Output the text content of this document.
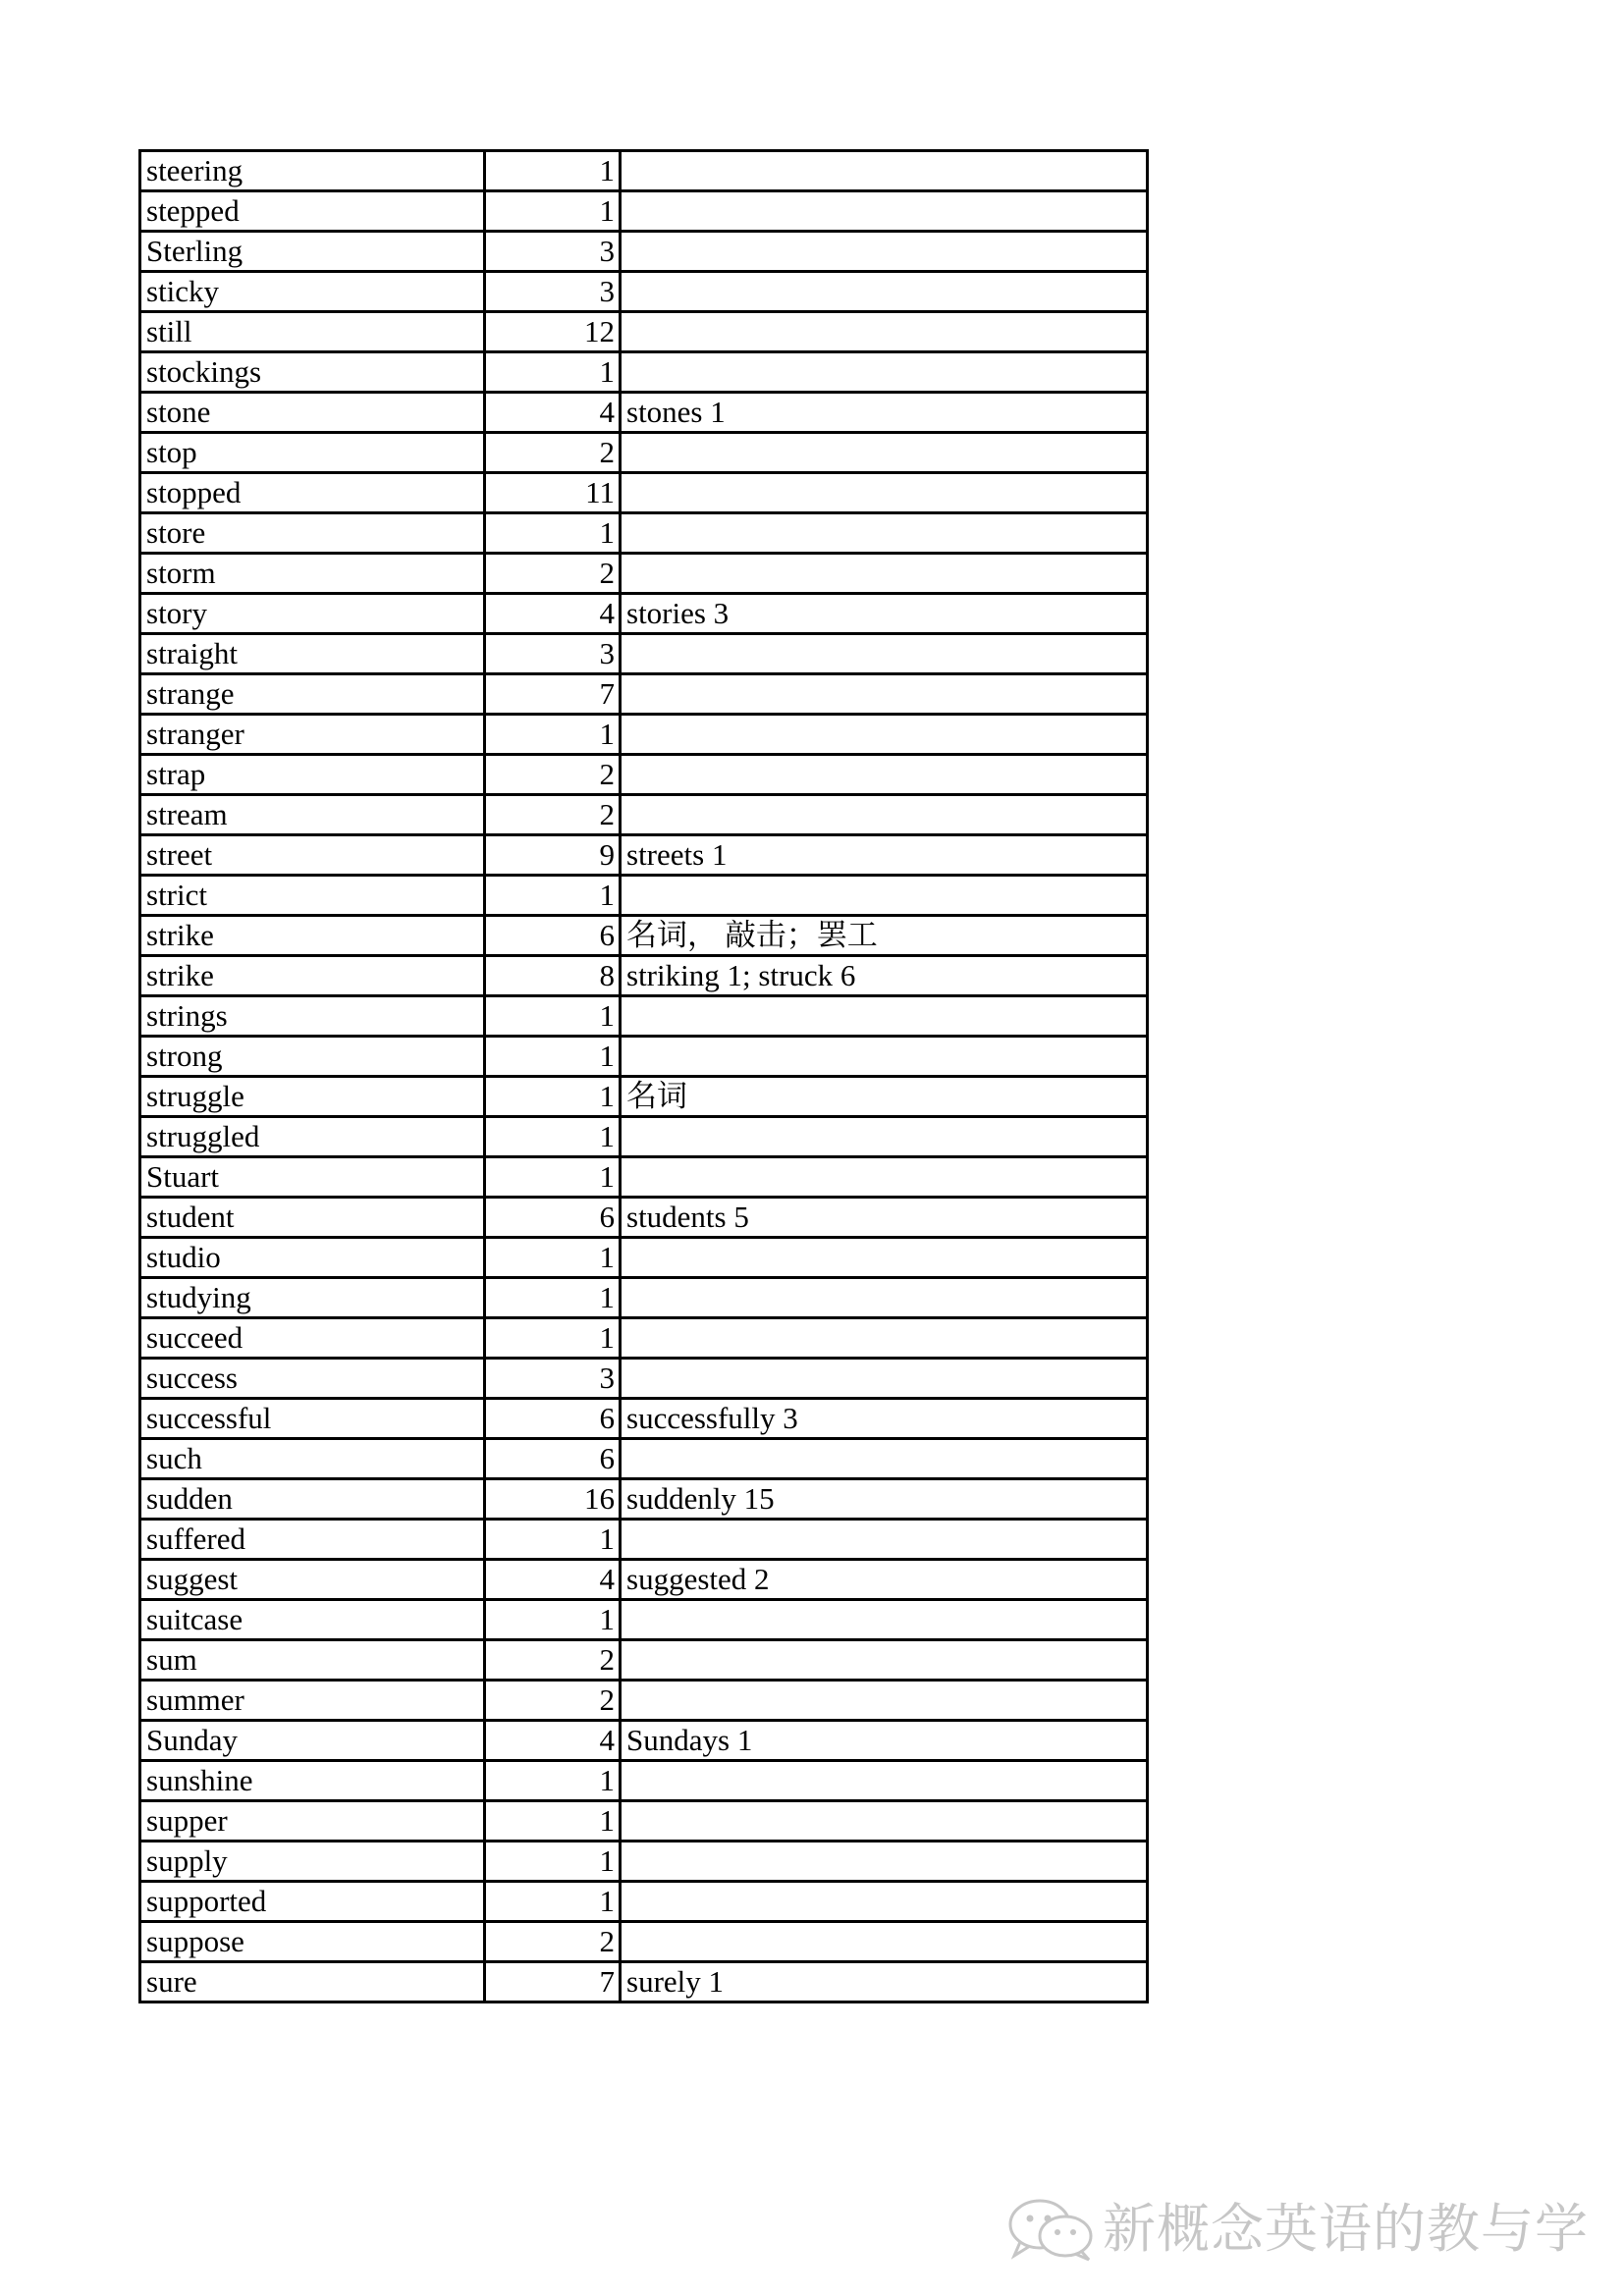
steering	1	
stepped	1	
Sterling	3	
sticky	3	
still	12	
stockings	1	
stone	4	stones 1
stop	2	
stopped	11	
store	1	
storm	2	
story	4	stories 3
straight	3	
strange	7	
stranger	1	
strap	2	
stream	2	
street	9	streets 1
strict	1	
strike	6	名词， 敲击；罢工
strike	8	striking 1; struck 6
strings	1	
strong	1	
struggle	1	名词
struggled	1	
Stuart	1	
student	6	students 5
studio	1	
studying	1	
succeed	1	
success	3	
successful	6	successfully 3
such	6	
sudden	16	suddenly 15
suffered	1	
suggest	4	suggested 2
suitcase	1	
sum	2	
summer	2	
Sunday	4	Sundays 1
sunshine	1	
supper	1	
supply	1	
supported	1	
suppose	2	
sure	7	surely 1
新概念英语的教与学
